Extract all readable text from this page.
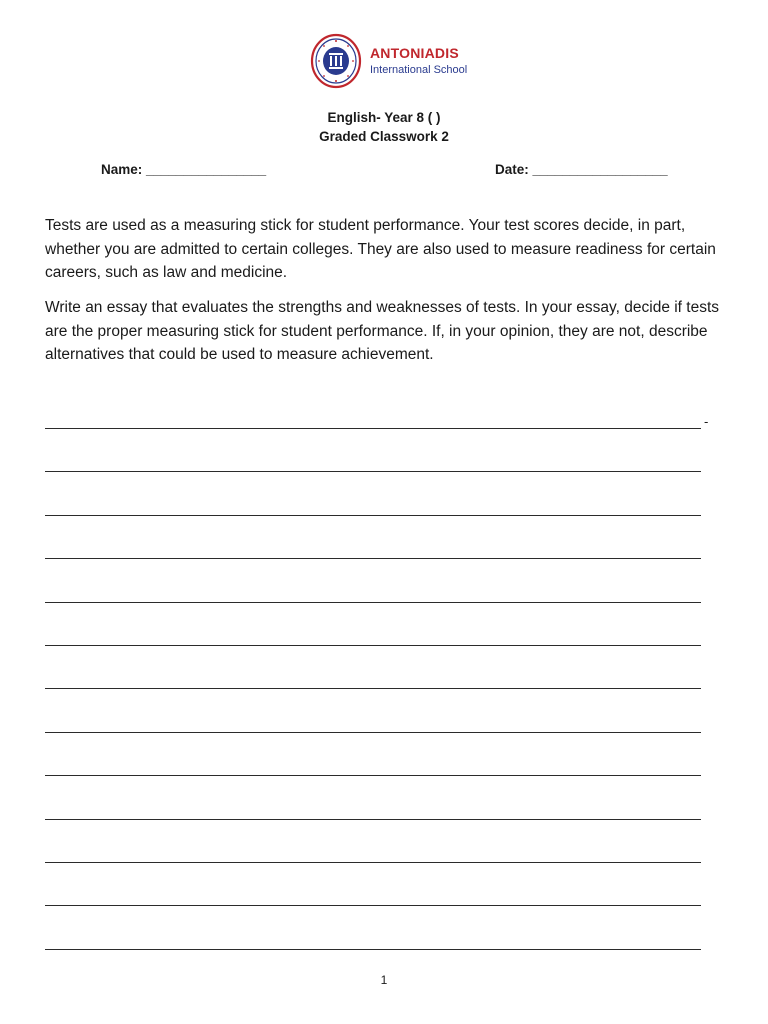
ANTONIADIS
International School
English- Year 8 ( )
Graded Classwork 2
Name: ________________	Date: __________________

Tests are used as a measuring stick for student performance. Your test scores decide, in part, whether you are admitted to certain colleges. They are also used to measure readiness for certain careers, such as law and medicine.

Write an essay that evaluates the strengths and weaknesses of tests. In your essay, decide if tests are the proper measuring stick for student performance. If, in your opinion, they are not, describe alternatives that could be used to measure achievement.

-
1
